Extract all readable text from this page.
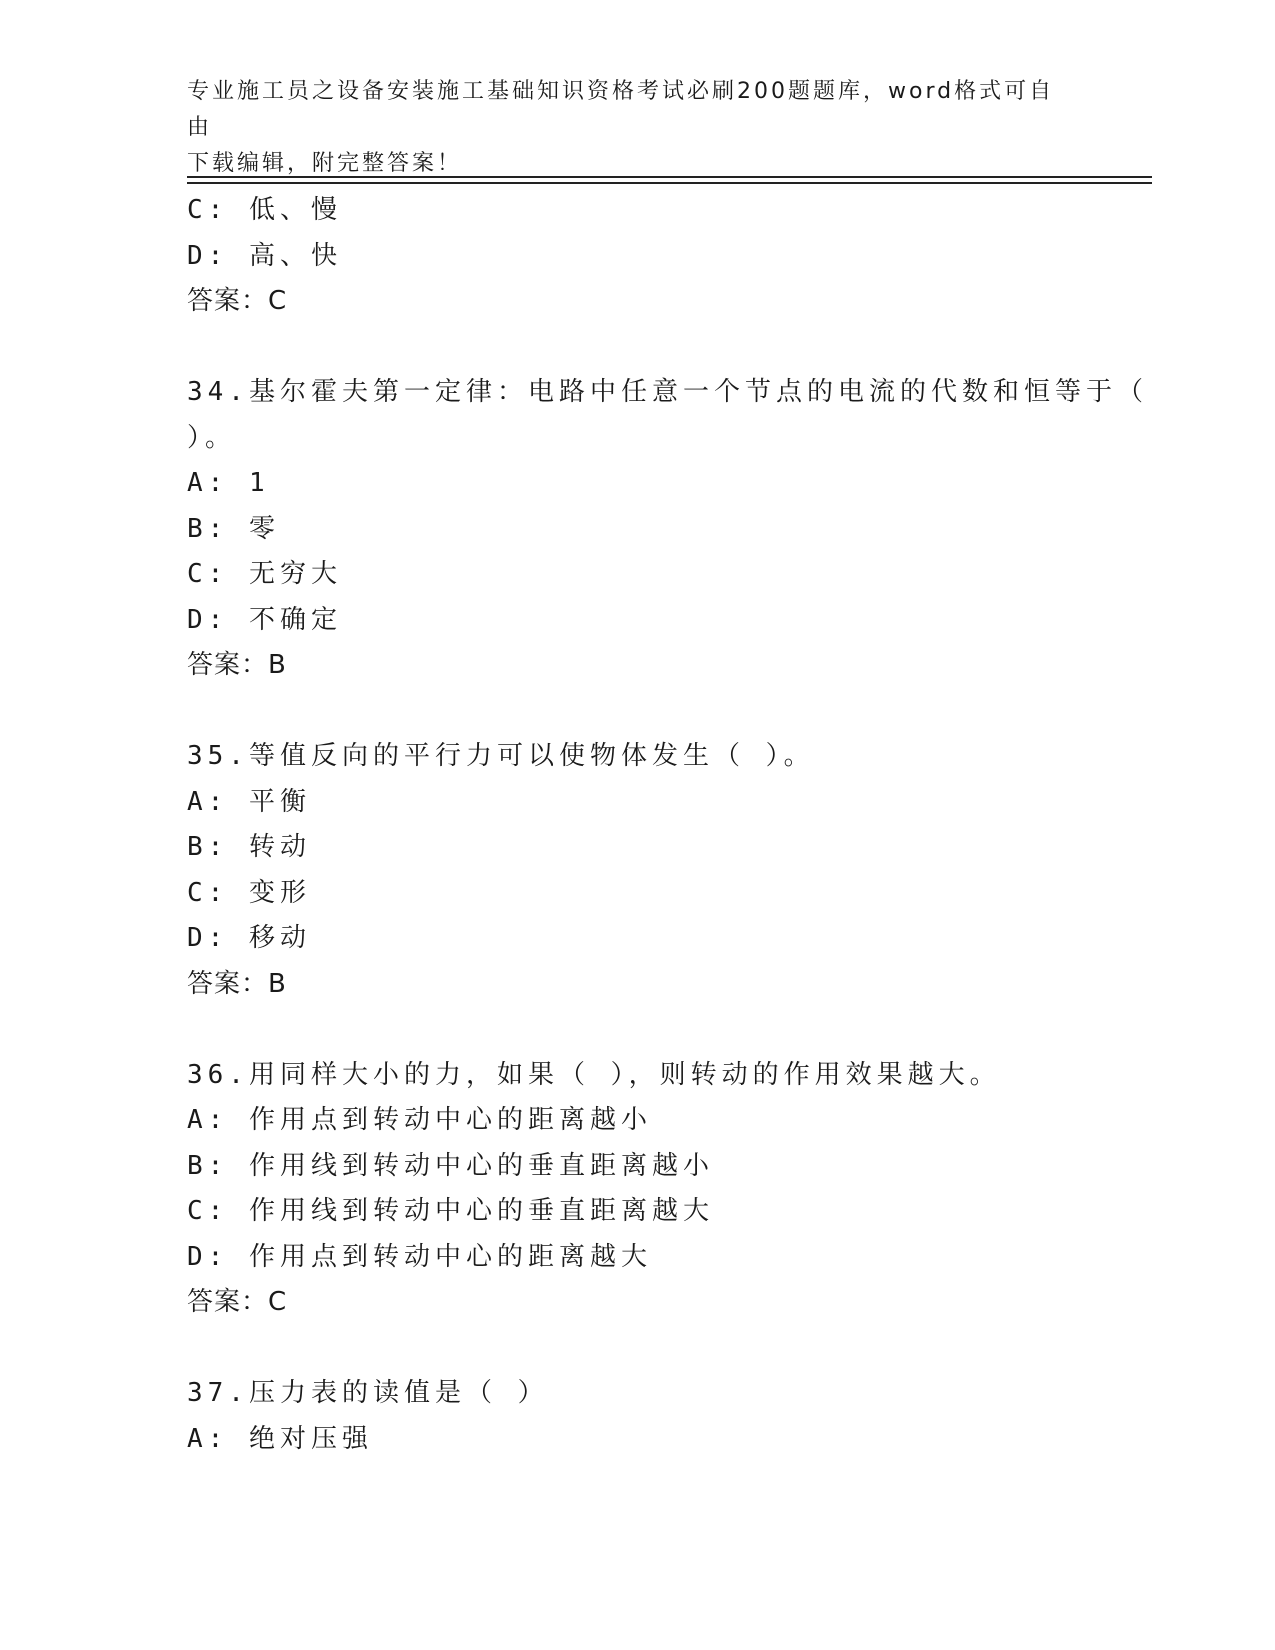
专业施工员之设备安装施工基础知识资格考试必刷200题题库，word格式可自由
下载编辑，附完整答案！
C: 低、慢
D: 高、快
答案：C
34.基尔霍夫第一定律：电路中任意一个节点的电流的代数和恒等于（
）。
A: 1
B: 零
C: 无穷大
D: 不确定
答案：B
35.等值反向的平行力可以使物体发生（ ）。
A: 平衡
B: 转动
C: 变形
D: 移动
答案：B
36.用同样大小的力，如果（ ），则转动的作用效果越大。
A: 作用点到转动中心的距离越小
B: 作用线到转动中心的垂直距离越小
C: 作用线到转动中心的垂直距离越大
D: 作用点到转动中心的距离越大
答案：C
37.压力表的读值是（ ）
A: 绝对压强
